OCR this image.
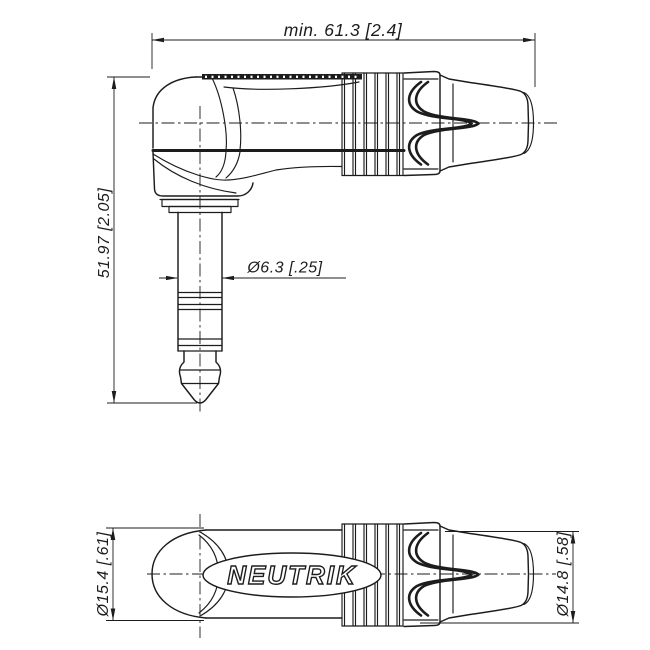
min. 61.3 [2.4]
51.97 [2.05]	Ø6.3 [.25]
NEUTRIK
Ø15.4 [.61]	Ø14.8 [.58]
